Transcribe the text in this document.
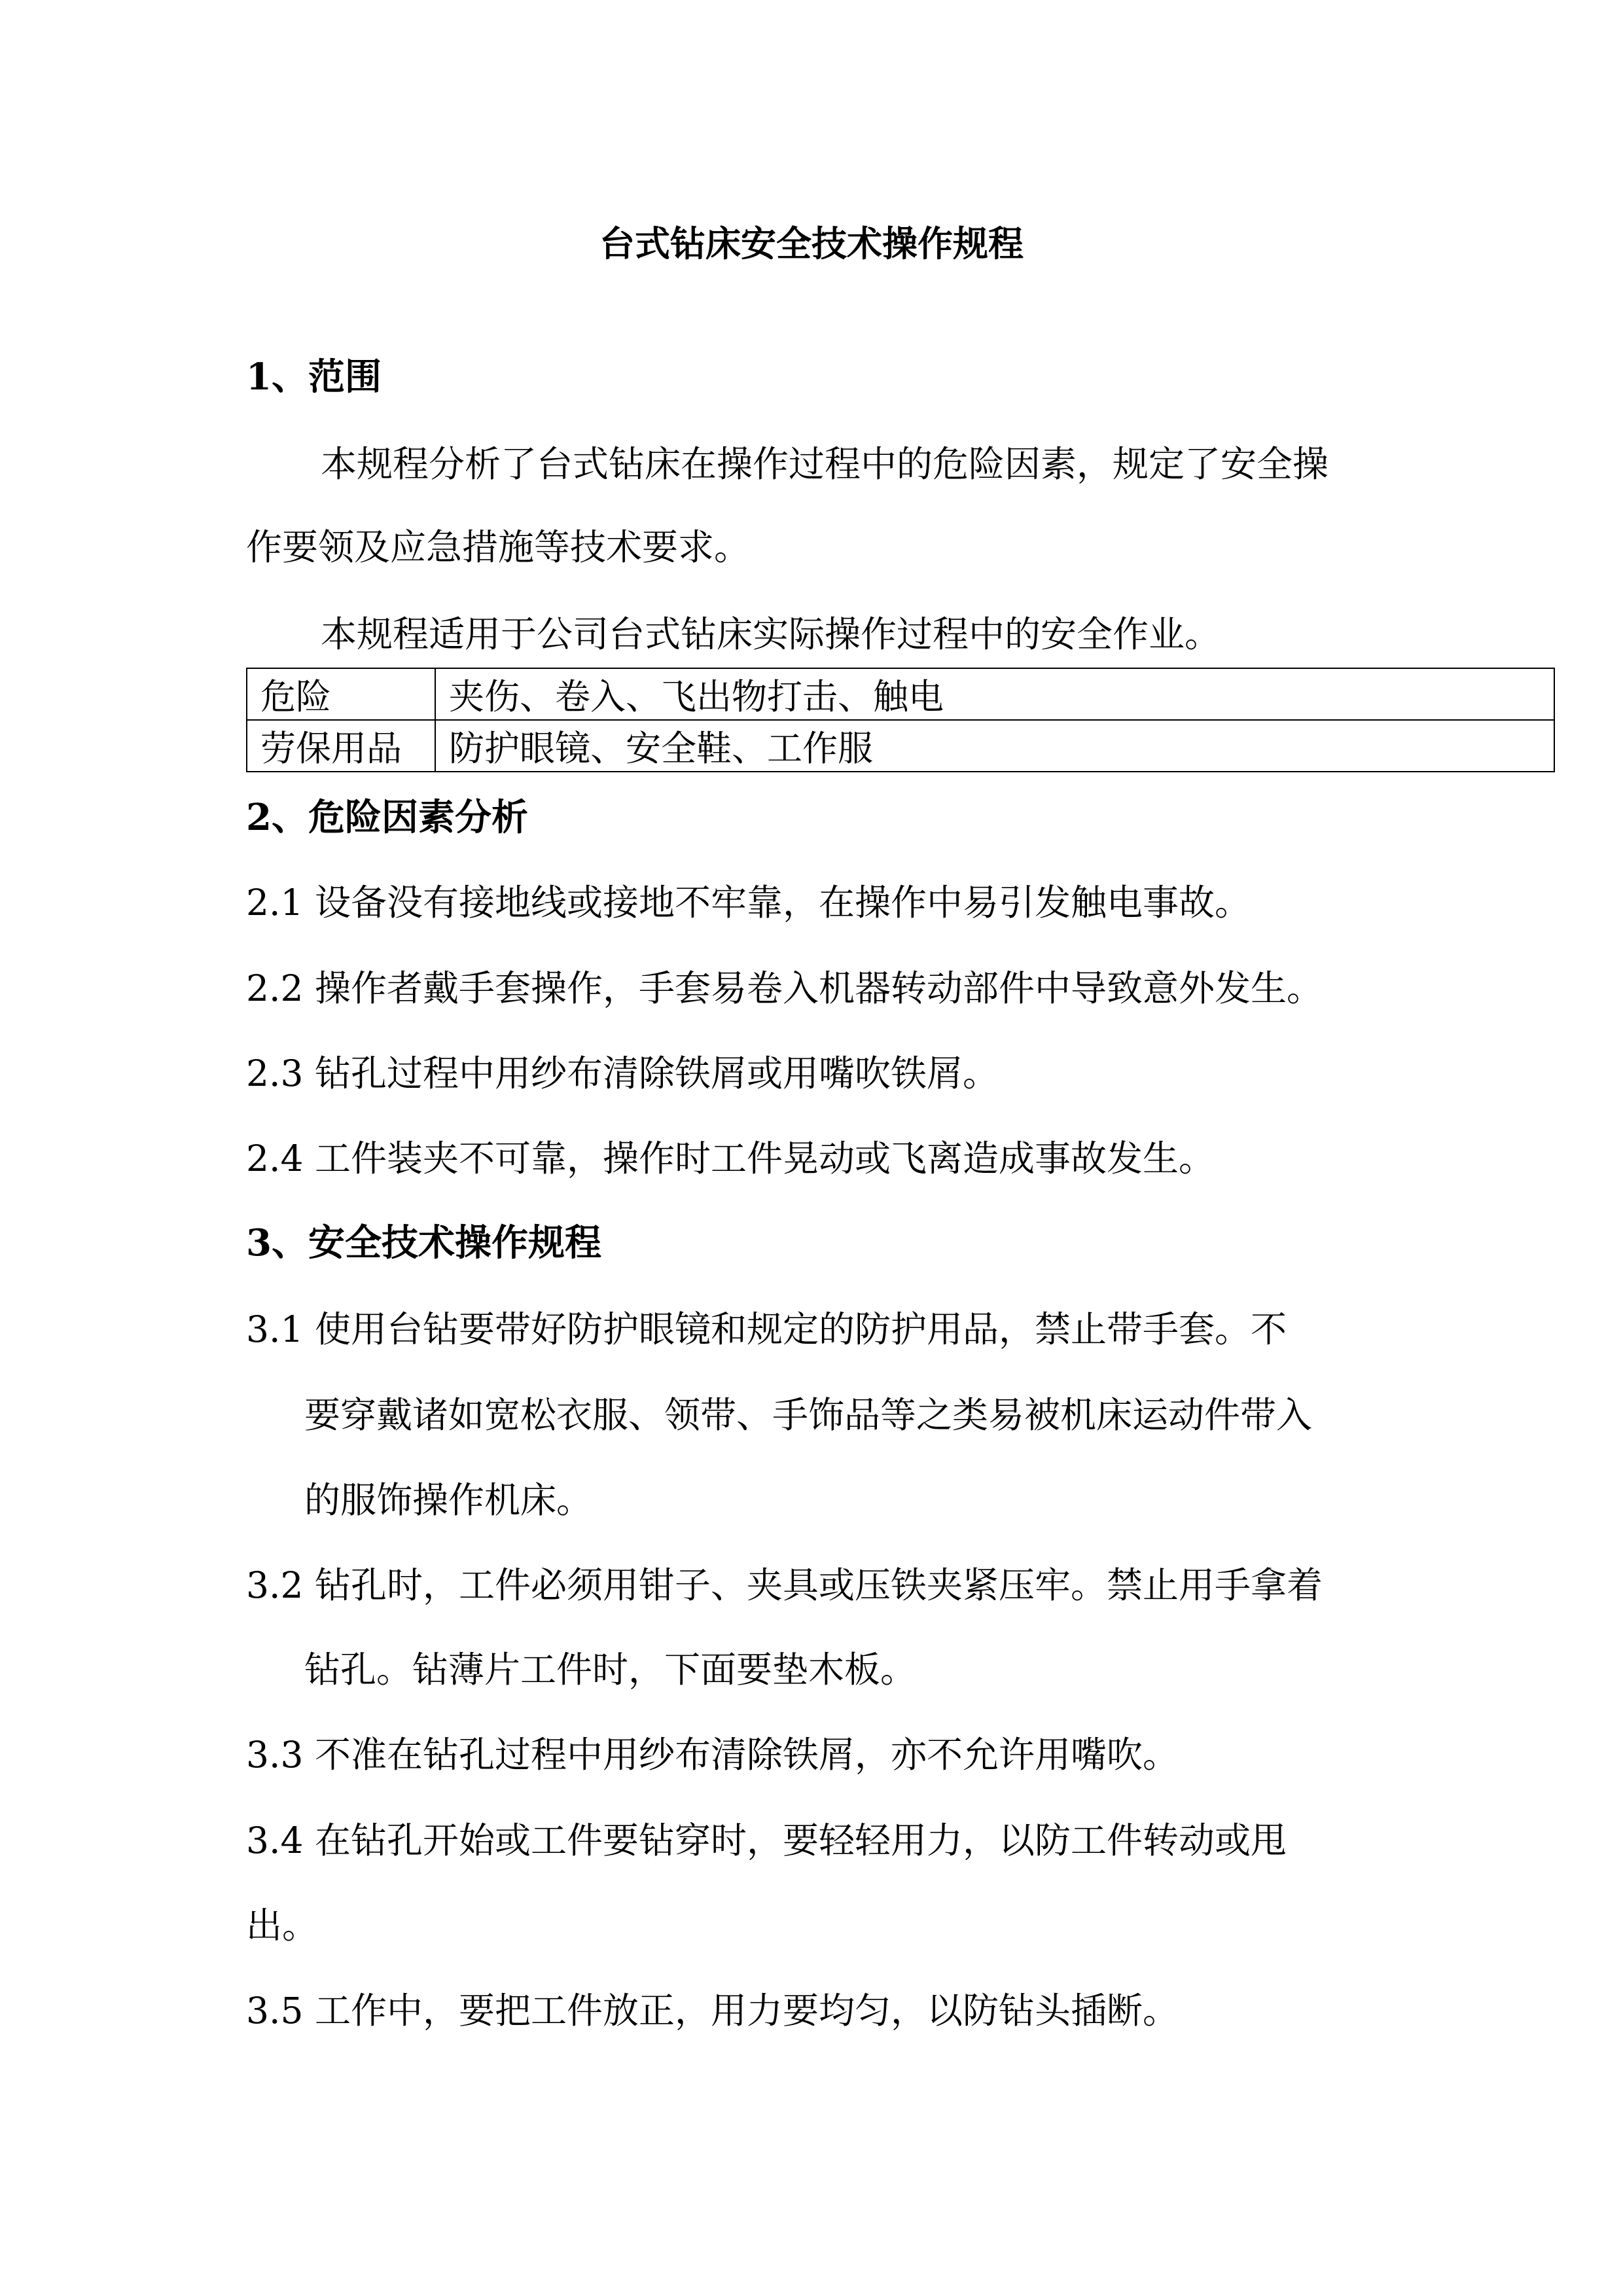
台式钻床安全技术操作规程
1、范围
本规程分析了台式钻床在操作过程中的危险因素，规定了安全操
作要领及应急措施等技术要求。
本规程适用于公司台式钻床实际操作过程中的安全作业。
危险	夹伤、卷入、飞出物打击、触电
劳保用品	防护眼镜、安全鞋、工作服
2、危险因素分析
2.1 设备没有接地线或接地不牢靠，在操作中易引发触电事故。
2.2 操作者戴手套操作，手套易卷入机器转动部件中导致意外发生。
2.3 钻孔过程中用纱布清除铁屑或用嘴吹铁屑。
2.4 工件装夹不可靠，操作时工件晃动或飞离造成事故发生。
3、安全技术操作规程
3.1 使用台钻要带好防护眼镜和规定的防护用品，禁止带手套。不
要穿戴诸如宽松衣服、领带、手饰品等之类易被机床运动件带入
的服饰操作机床。
3.2 钻孔时，工件必须用钳子、夹具或压铁夹紧压牢。禁止用手拿着
钻孔。钻薄片工件时，下面要垫木板。
3.3 不准在钻孔过程中用纱布清除铁屑，亦不允许用嘴吹。
3.4 在钻孔开始或工件要钻穿时，要轻轻用力，以防工件转动或甩
出。
3.5 工作中，要把工件放正，用力要均匀，以防钻头插断。
